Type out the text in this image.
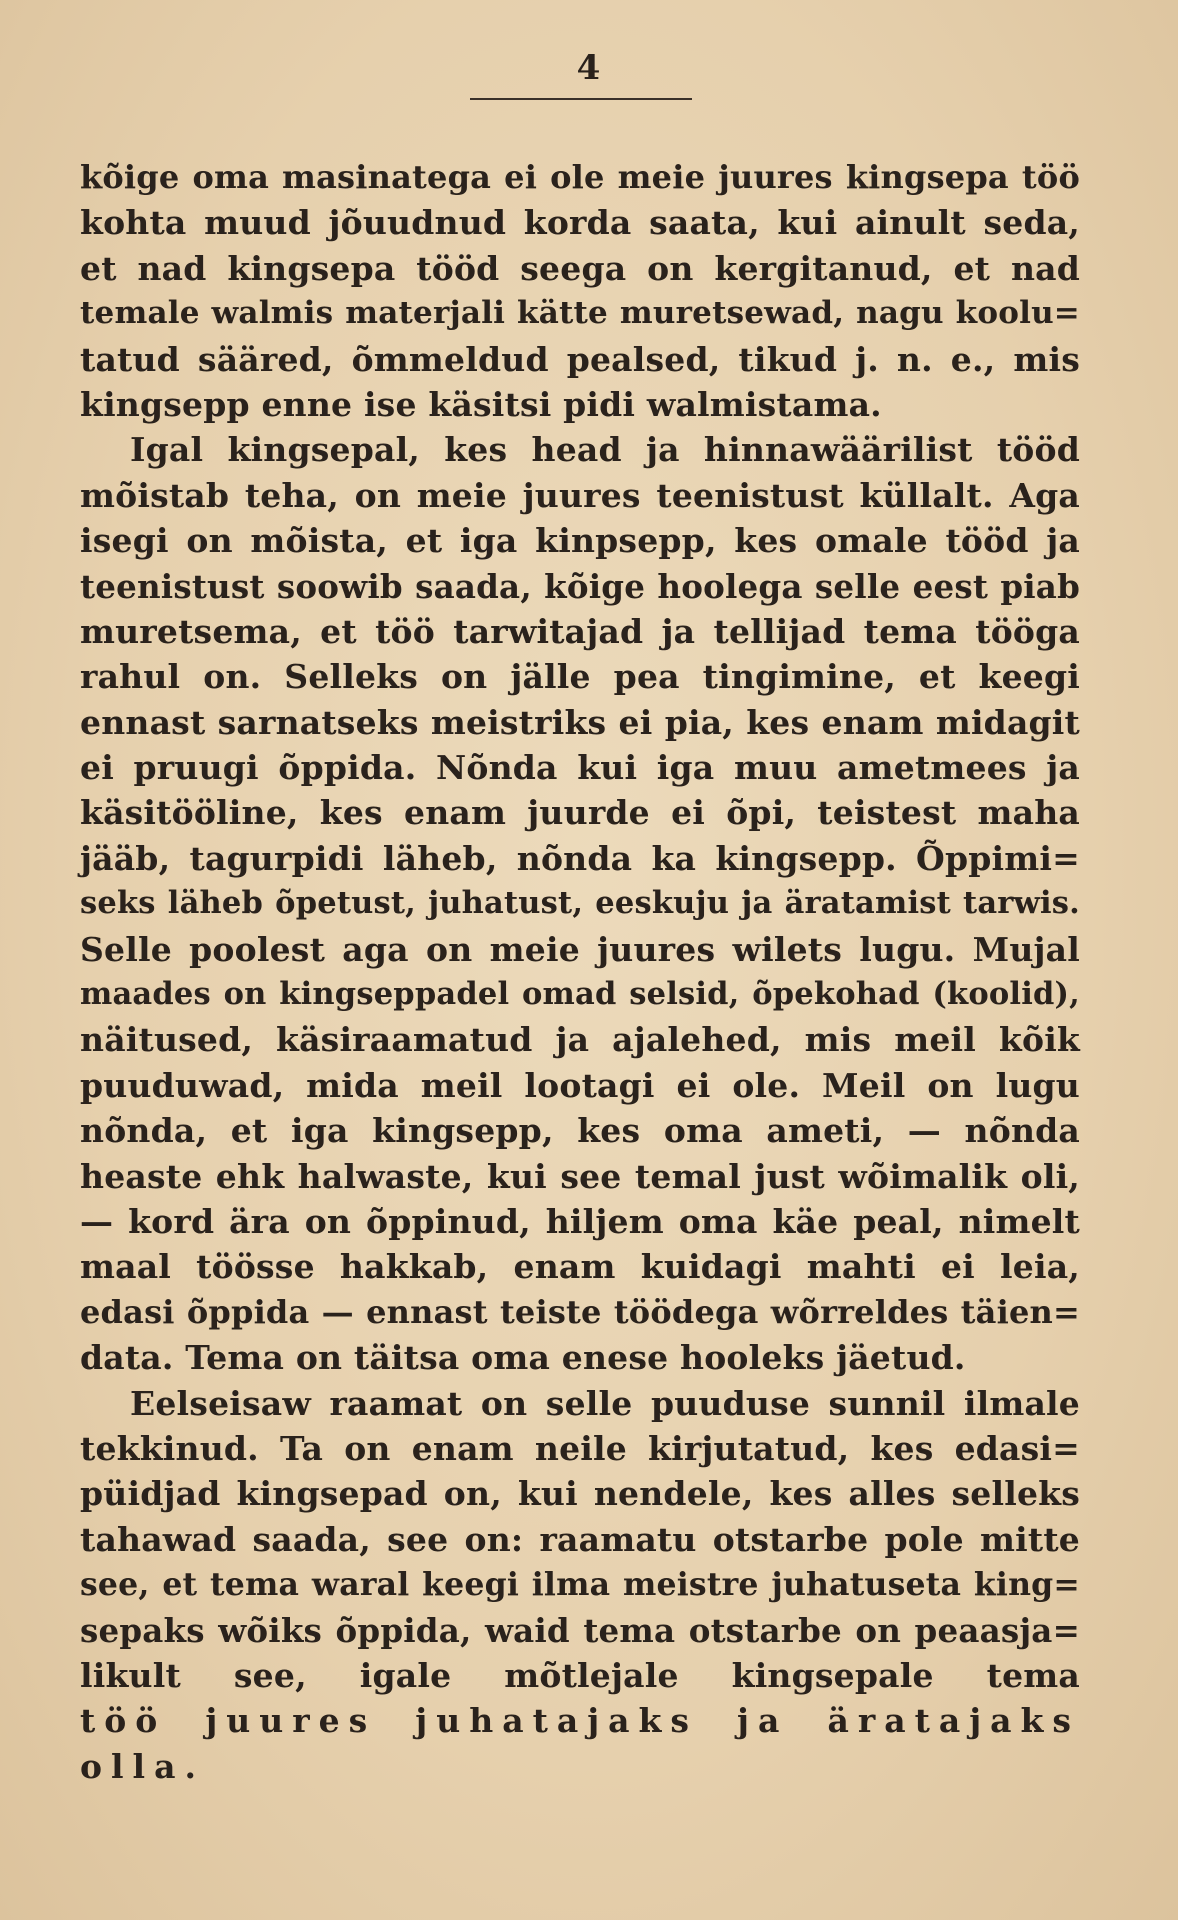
4
kõige oma masinatega ei ole meie juures kingsepa töö
kohta muud jõuudnud korda saata, kui ainult seda,
et nad kingsepa tööd seega on kergitanud, et nad
temale walmis materjali kätte muretsewad, nagu koolu=
tatud sääred, õmmeldud pealsed, tikud j. n. e., mis
kingsepp enne ise käsitsi pidi walmistama.
Igal kingsepal, kes head ja hinnawäärilist tööd
mõistab teha, on meie juures teenistust küllalt. Aga
isegi on mõista, et iga kinpsepp, kes omale tööd ja
teenistust soowib saada, kõige hoolega selle eest piab
muretsema, et töö tarwitajad ja tellijad tema tööga
rahul on. Selleks on jälle pea tingimine, et keegi
ennast sarnatseks meistriks ei pia, kes enam midagit
ei pruugi õppida. Nõnda kui iga muu ametmees ja
käsitööline, kes enam juurde ei õpi, teistest maha
jääb, tagurpidi läheb, nõnda ka kingsepp. Õppimi=
seks läheb õpetust, juhatust, eeskuju ja äratamist tarwis.
Selle poolest aga on meie juures wilets lugu. Mujal
maades on kingseppadel omad selsid, õpekohad (koolid),
näitused, käsiraamatud ja ajalehed, mis meil kõik
puuduwad, mida meil lootagi ei ole. Meil on lugu
nõnda, et iga kingsepp, kes oma ameti, — nõnda
heaste ehk halwaste, kui see temal just wõimalik oli,
— kord ära on õppinud, hiljem oma käe peal, nimelt
maal töösse hakkab, enam kuidagi mahti ei leia,
edasi õppida — ennast teiste töödega wõrreldes täien=
data. Tema on täitsa oma enese hooleks jäetud.
Eelseisaw raamat on selle puuduse sunnil ilmale
tekkinud. Ta on enam neile kirjutatud, kes edasi=
püidjad kingsepad on, kui nendele, kes alles selleks
tahawad saada, see on: raamatu otstarbe pole mitte
see, et tema waral keegi ilma meistre juhatuseta king=
sepaks wõiks õppida, waid tema otstarbe on peaasja=
likult see, igale mõtlejale kingsepale tema
töö juures juhatajaks ja äratajaks
olla.
